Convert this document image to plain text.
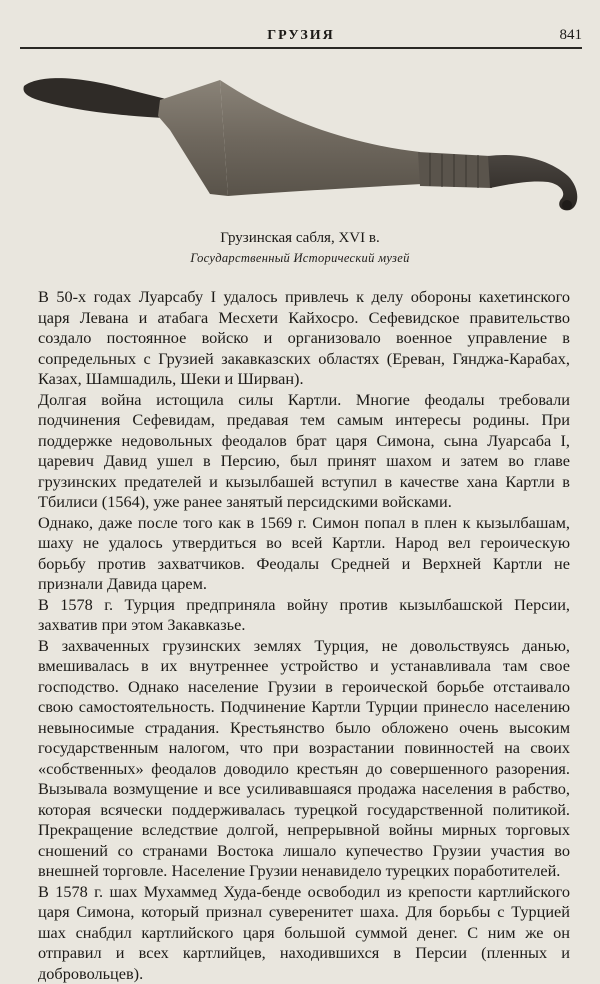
ГРУЗИЯ	841
Грузинская сабля, XVI в.
Государственный Исторический музей

В 50-х годах Луарсабу I удалось привлечь к делу обороны кахетинского царя Левана и атабага Месхети Кайхосро. Сефевидское правительство создало постоянное войско и организовало военное управление в сопредельных с Грузией закавказских областях (Ереван, Гянджа-Карабах, Казах, Шамшадиль, Шеки и Ширван).

Долгая война истощила силы Картли. Многие феодалы требовали подчинения Сефевидам, предавая тем самым интересы родины. При поддержке недовольных феодалов брат царя Симона, сына Луарсаба I, царевич Давид ушел в Персию, был принят шахом и затем во главе грузинских предателей и кызылбашей вступил в качестве хана Картли в Тбилиси (1564), уже ранее занятый персидскими войсками.

Однако, даже после того как в 1569 г. Симон попал в плен к кызылбашам, шаху не удалось утвердиться во всей Картли. Народ вел героическую борьбу против захватчиков. Феодалы Средней и Верхней Картли не признали Давида царем.

В 1578 г. Турция предприняла войну против кызылбашской Персии, захватив при этом Закавказье.

В захваченных грузинских землях Турция, не довольствуясь данью, вмешивалась в их внутреннее устройство и устанавливала там свое господство. Однако население Грузии в героической борьбе отстаивало свою самостоятельность. Подчинение Картли Турции принесло населению невыносимые страдания. Крестьянство было обложено очень высоким государственным налогом, что при возрастании повинностей на своих «собственных» феодалов доводило крестьян до совершенного разорения. Вызывала возмущение и все усиливавшаяся продажа населения в рабство, которая всячески поддерживалась турецкой государственной политикой. Прекращение вследствие долгой, непрерывной войны мирных торговых сношений со странами Востока лишало купечество Грузии участия во внешней торговле. Население Грузии ненавидело турецких поработителей.

В 1578 г. шах Мухаммед Худа-бенде освободил из крепости картлийского царя Симона, который признал суверенитет шаха. Для борьбы с Турцией шах снабдил картлийского царя большой суммой денег. С ним же он отправил и всех картлийцев, находившихся в Персии (пленных и добровольцев).
